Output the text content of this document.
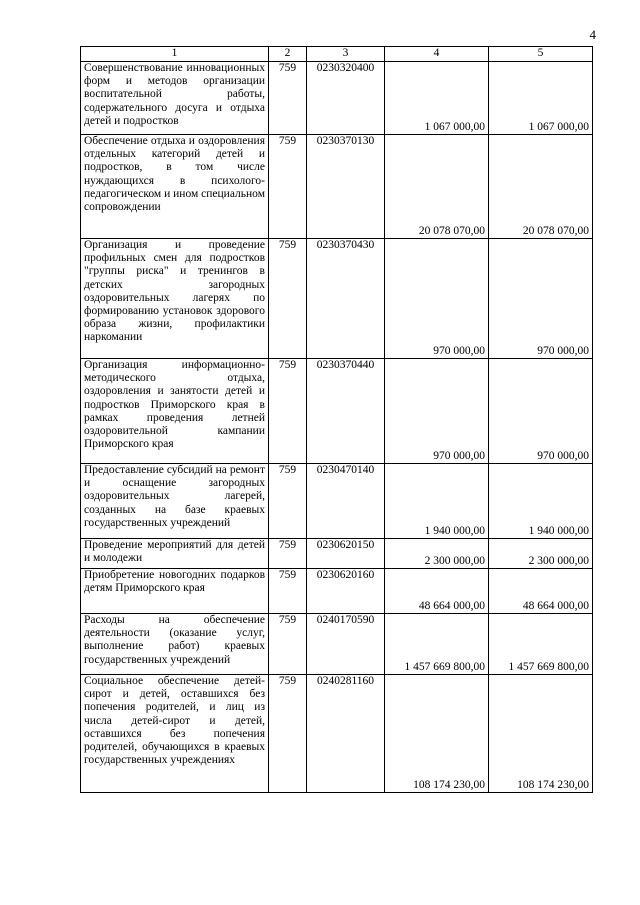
4
1	2	3	4	5
Совершенствование инновационных форм и методов организации воспитательной работы, содержательного досуга и отдыха детей и подростков	759	0230320400	1 067 000,00	1 067 000,00
Обеспечение отдыха и оздоровления отдельных категорий детей и подростков, в том числе нуждающихся в психолого-педагогическом и ином специальном сопровождении	759	0230370130	20 078 070,00	20 078 070,00
Организация и проведение профильных смен для подростков "группы риска" и тренингов в детских загородных оздоровительных лагерях по формированию установок здорового образа жизни, профилактики наркомании	759	0230370430	970 000,00	970 000,00
Организация информационно-методического отдыха, оздоровления и занятости детей и подростков Приморского края в рамках проведения летней оздоровительной кампании Приморского края	759	0230370440	970 000,00	970 000,00
Предоставление субсидий на ремонт и оснащение загородных оздоровительных лагерей, созданных на базе краевых государственных учреждений	759	0230470140	1 940 000,00	1 940 000,00
Проведение мероприятий для детей и молодежи	759	0230620150	2 300 000,00	2 300 000,00
Приобретение новогодних подарков детям Приморского края	759	0230620160	48 664 000,00	48 664 000,00
Расходы на обеспечение деятельности (оказание услуг, выполнение работ) краевых государственных учреждений	759	0240170590	1 457 669 800,00	1 457 669 800,00
Социальное обеспечение детей-сирот и детей, оставшихся без попечения родителей, и лиц из числа детей-сирот и детей, оставшихся без попечения родителей, обучающихся в краевых государственных учреждениях	759	0240281160	108 174 230,00	108 174 230,00
